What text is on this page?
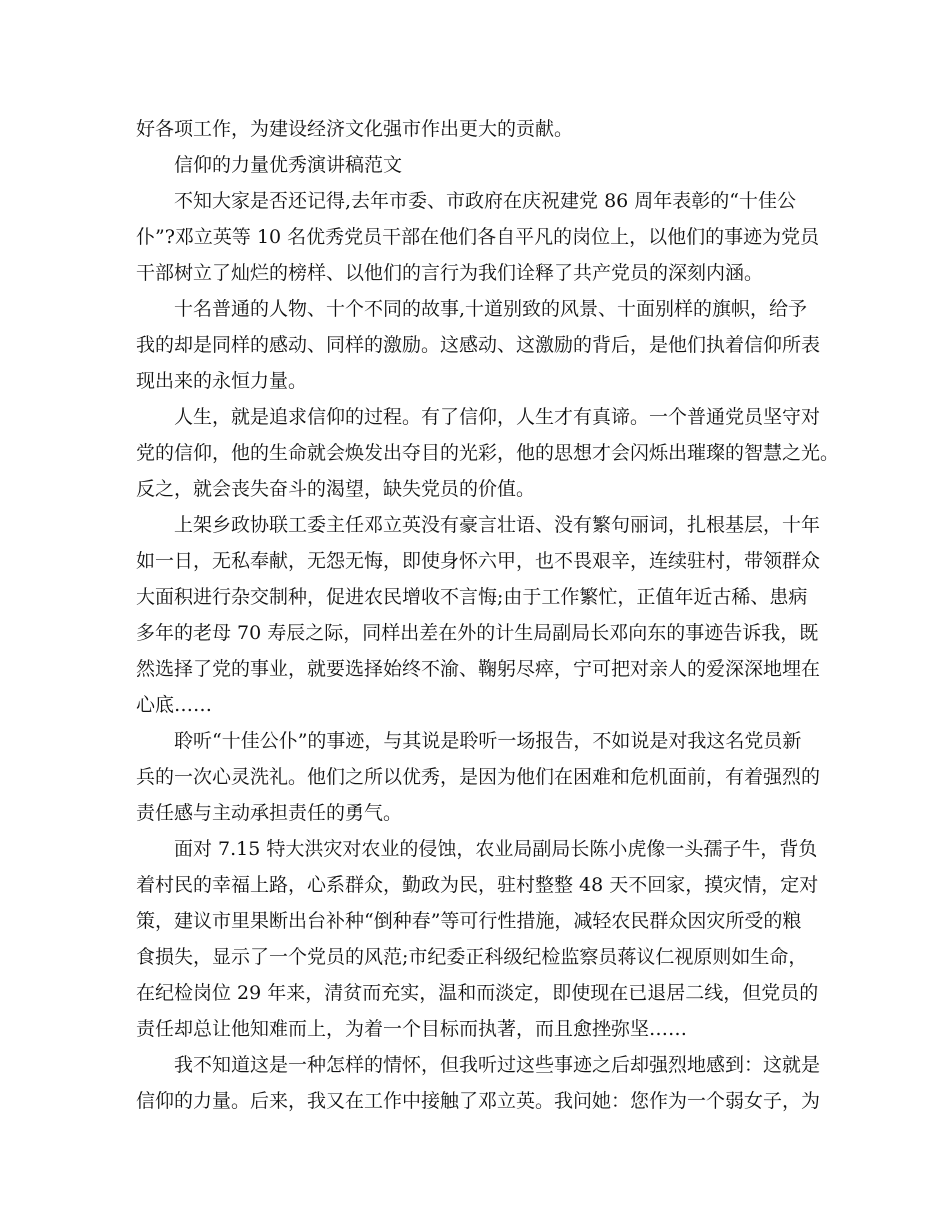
好各项工作，为建设经济文化强市作出更大的贡献。
信仰的力量优秀演讲稿范文
不知大家是否还记得,去年市委、市政府在庆祝建党 86 周年表彰的“十佳公
仆”?邓立英等 10 名优秀党员干部在他们各自平凡的岗位上，以他们的事迹为党员
干部树立了灿烂的榜样、以他们的言行为我们诠释了共产党员的深刻内涵。
十名普通的人物、十个不同的故事,十道别致的风景、十面别样的旗帜，给予
我的却是同样的感动、同样的激励。这感动、这激励的背后，是他们执着信仰所表
现出来的永恒力量。
人生，就是追求信仰的过程。有了信仰，人生才有真谛。一个普通党员坚守对
党的信仰，他的生命就会焕发出夺目的光彩，他的思想才会闪烁出璀璨的智慧之光。
反之，就会丧失奋斗的渴望，缺失党员的价值。
上架乡政协联工委主任邓立英没有豪言壮语、没有繁句丽词，扎根基层，十年
如一日，无私奉献，无怨无悔，即使身怀六甲，也不畏艰辛，连续驻村，带领群众
大面积进行杂交制种，促进农民增收不言悔;由于工作繁忙，正值年近古稀、患病
多年的老母 70 寿辰之际，同样出差在外的计生局副局长邓向东的事迹告诉我，既
然选择了党的事业，就要选择始终不渝、鞠躬尽瘁，宁可把对亲人的爱深深地埋在
心底……
聆听“十佳公仆”的事迹，与其说是聆听一场报告，不如说是对我这名党员新
兵的一次心灵洗礼。他们之所以优秀，是因为他们在困难和危机面前，有着强烈的
责任感与主动承担责任的勇气。
面对 7.15 特大洪灾对农业的侵蚀，农业局副局长陈小虎像一头孺子牛，背负
着村民的幸福上路，心系群众，勤政为民，驻村整整 48 天不回家，摸灾情，定对
策，建议市里果断出台补种“倒种春”等可行性措施，减轻农民群众因灾所受的粮
食损失，显示了一个党员的风范;市纪委正科级纪检监察员蒋议仁视原则如生命，
在纪检岗位 29 年来，清贫而充实，温和而淡定，即使现在已退居二线，但党员的
责任却总让他知难而上，为着一个目标而执著，而且愈挫弥坚……
我不知道这是一种怎样的情怀，但我听过这些事迹之后却强烈地感到：这就是
信仰的力量。后来，我又在工作中接触了邓立英。我问她：您作为一个弱女子，为
